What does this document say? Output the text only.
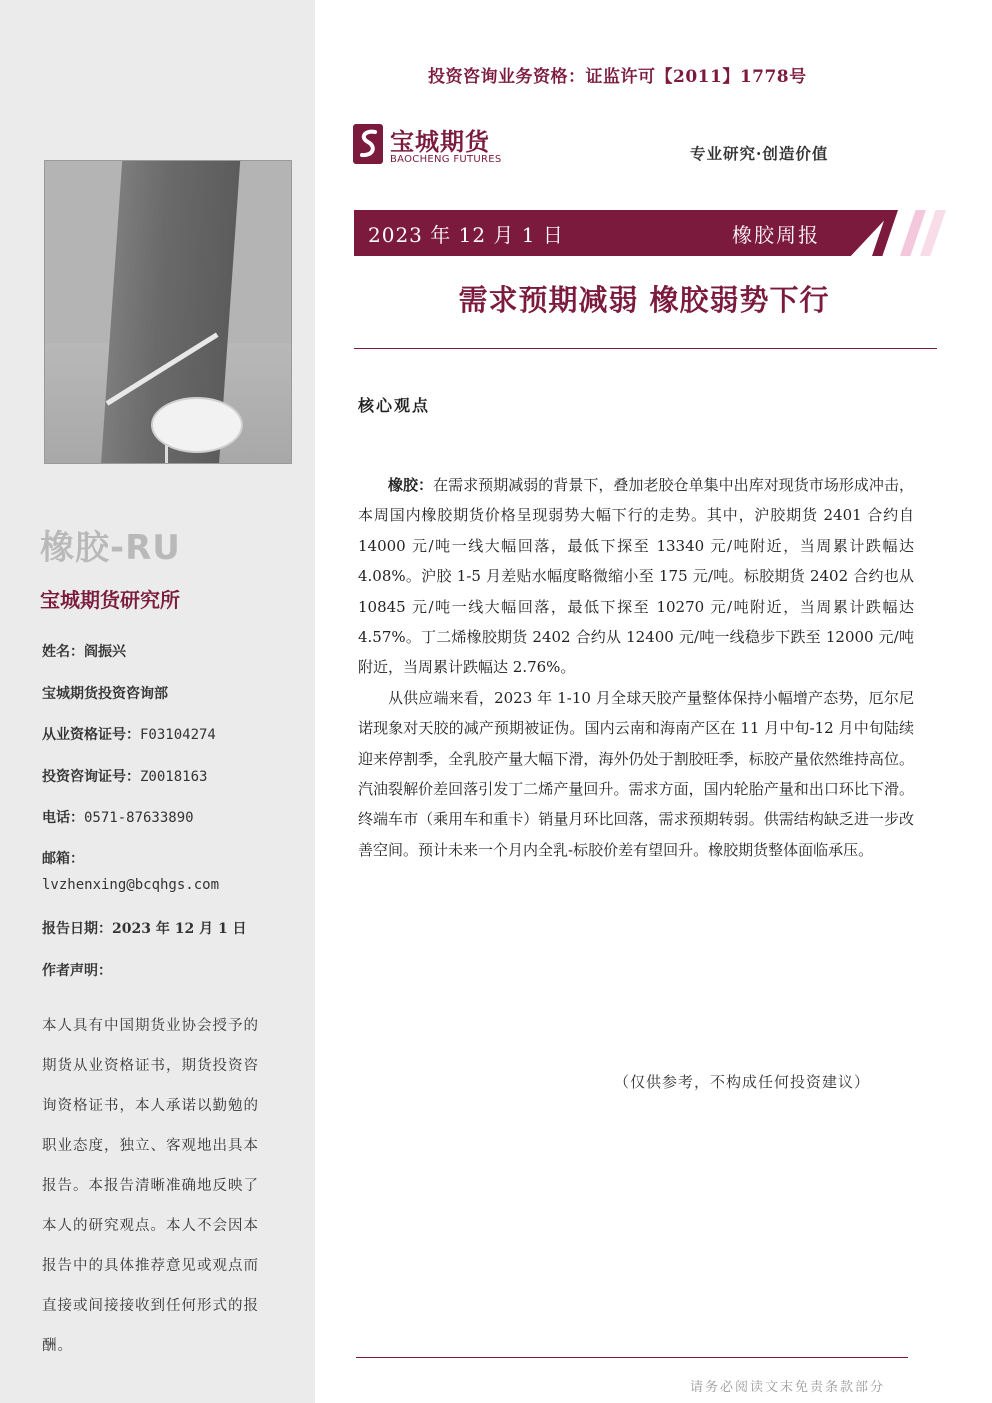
橡胶-RU
宝城期货研究所
姓名：阎振兴
宝城期货投资咨询部
从业资格证号：F03104274
投资咨询证号：Z0018163
电话：0571-87633890
邮箱：
lvzhenxing@bcqhgs.com
报告日期：2023 年 12 月 1 日
作者声明：
本人具有中国期货业协会授予的期货从业资格证书，期货投资咨询资格证书，本人承诺以勤勉的职业态度，独立、客观地出具本报告。本报告清晰准确地反映了本人的研究观点。本人不会因本报告中的具体推荐意见或观点而直接或间接接收到任何形式的报酬。
投资咨询业务资格：证监许可【2011】1778号
宝城期货
BAOCHENG FUTURES	专业研究·创造价值
2023 年 12 月 1 日	橡胶周报
需求预期减弱 橡胶弱势下行
核心观点

橡胶：在需求预期减弱的背景下，叠加老胶仓单集中出库对现货市场形成冲击，本周国内橡胶期货价格呈现弱势大幅下行的走势。其中，沪胶期货 2401 合约自 14000 元/吨一线大幅回落，最低下探至 13340 元/吨附近，当周累计跌幅达 4.08%。沪胶 1-5 月差贴水幅度略微缩小至 175 元/吨。标胶期货 2402 合约也从 10845 元/吨一线大幅回落，最低下探至 10270 元/吨附近，当周累计跌幅达 4.57%。丁二烯橡胶期货 2402 合约从 12400 元/吨一线稳步下跌至 12000 元/吨附近，当周累计跌幅达 2.76%。

从供应端来看，2023 年 1-10 月全球天胶产量整体保持小幅增产态势，厄尔尼诺现象对天胶的减产预期被证伪。国内云南和海南产区在 11 月中旬-12 月中旬陆续迎来停割季，全乳胶产量大幅下滑，海外仍处于割胶旺季，标胶产量依然维持高位。汽油裂解价差回落引发丁二烯产量回升。需求方面，国内轮胎产量和出口环比下滑。终端车市（乘用车和重卡）销量月环比回落，需求预期转弱。供需结构缺乏进一步改善空间。预计未来一个月内全乳-标胶价差有望回升。橡胶期货整体面临承压。

（仅供参考，不构成任何投资建议）
请务必阅读文末免责条款部分
